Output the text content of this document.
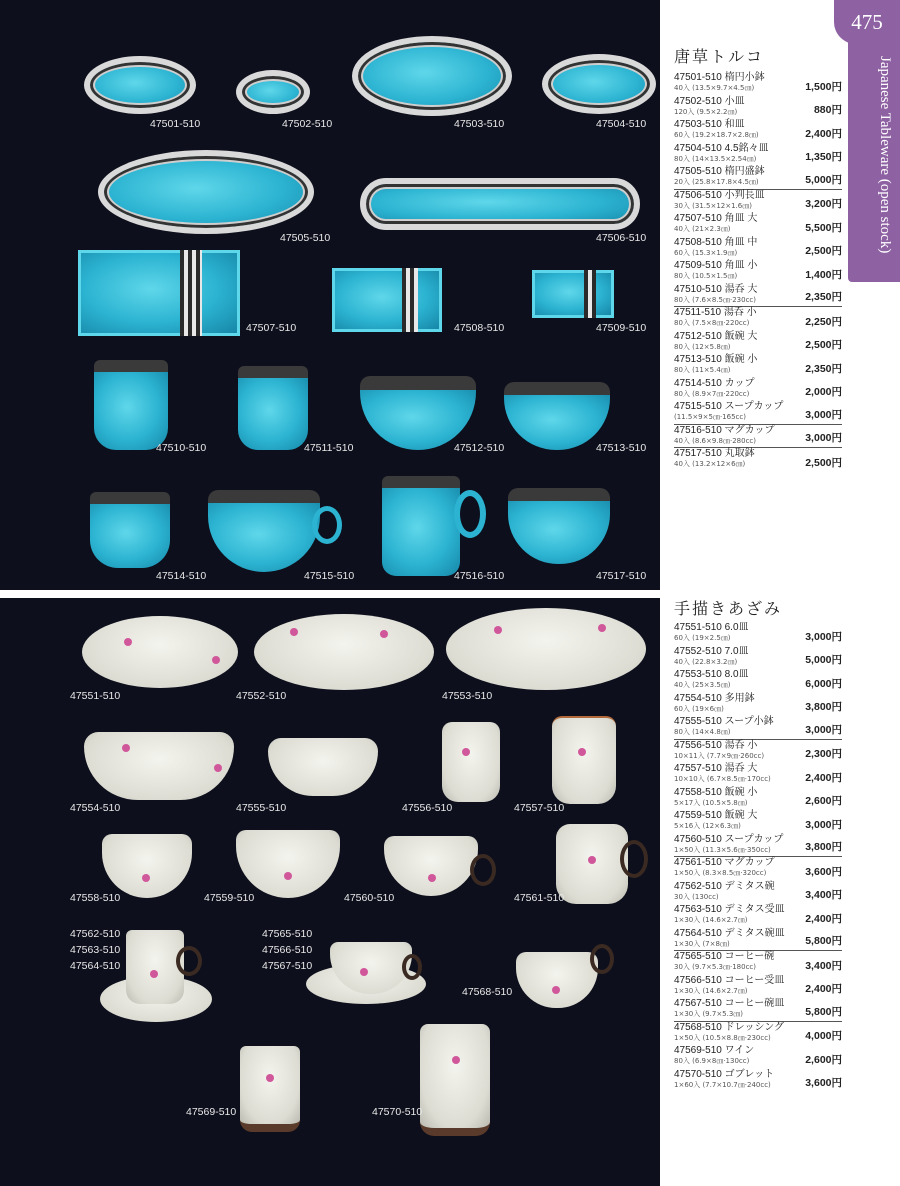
47501-510	47502-510	47503-510	47504-510
47505-510	47506-510
47507-510	47508-510	47509-510
47510-510	47511-510	47512-510	47513-510
47514-510	47515-510	47516-510	47517-510
47551-510	47552-510	47553-510
47554-510	47555-510	47556-510	47557-510
47558-510	47559-510	47560-510	47561-510
47562-510
47563-510
47564-510
47565-510
47566-510
47567-510
47568-510
47569-510	47570-510
Japanese Tableware (open stock)
475
唐草トルコ
47501-510 楕円小鉢
40入 (13.5×9.7×4.5㎝)	1,500円
47502-510 小皿
120入 (9.5×2.2㎝)	880円
47503-510 和皿
60入 (19.2×18.7×2.8㎝)	2,400円
47504-510 4.5銘々皿
80入 (14×13.5×2.54㎝)	1,350円
47505-510 楕円盛鉢
20入 (25.8×17.8×4.5㎝)	5,000円
47506-510 小判長皿
30入 (31.5×12×1.6㎝)	3,200円
47507-510 角皿 大
40入 (21×2.3㎝)	5,500円
47508-510 角皿 中
60入 (15.3×1.9㎝)	2,500円
47509-510 角皿 小
80入 (10.5×1.5㎝)	1,400円
47510-510 湯呑 大
80入 (7.6×8.5㎝·230cc)	2,350円
47511-510 湯呑 小
80入 (7.5×8㎝·220cc)	2,250円
47512-510 飯碗 大
80入 (12×5.8㎝)	2,500円
47513-510 飯碗 小
80入 (11×5.4㎝)	2,350円
47514-510 カップ
80入 (8.9×7㎝·220cc)	2,000円
47515-510 スープカップ
(11.5×9×5㎝·165cc)	3,000円
47516-510 マグカップ
40入 (8.6×9.8㎝·280cc)	3,000円
47517-510 丸取鉢
40入 (13.2×12×6㎝)	2,500円
手描きあざみ
47551-510 6.0皿
60入 (19×2.5㎝)	3,000円
47552-510 7.0皿
40入 (22.8×3.2㎝)	5,000円
47553-510 8.0皿
40入 (25×3.5㎝)	6,000円
47554-510 多用鉢
60入 (19×6㎝)	3,800円
47555-510 スープ小鉢
80入 (14×4.8㎝)	3,000円
47556-510 湯呑 小
10×11入 (7.7×9㎝·260cc)	2,300円
47557-510 湯呑 大
10×10入 (6.7×8.5㎝·170cc)	2,400円
47558-510 飯碗 小
5×17入 (10.5×5.8㎝)	2,600円
47559-510 飯碗 大
5×16入 (12×6.3㎝)	3,000円
47560-510 スープカップ
1×50入 (11.3×5.6㎝·350cc)	3,800円
47561-510 マグカップ
1×50入 (8.3×8.5㎝·320cc)	3,600円
47562-510 デミタス碗
30入 (130cc)	3,400円
47563-510 デミタス受皿
1×30入 (14.6×2.7㎝)	2,400円
47564-510 デミタス碗皿
1×30入 (7×8㎝)	5,800円
47565-510 コーヒー碗
30入 (9.7×5.3㎝·180cc)	3,400円
47566-510 コーヒー受皿
1×30入 (14.6×2.7㎝)	2,400円
47567-510 コーヒー碗皿
1×30入 (9.7×5.3㎝)	5,800円
47568-510 ドレッシング
1×50入 (10.5×8.8㎝·230cc)	4,000円
47569-510 ワイン
80入 (6.9×8㎝·130cc)	2,600円
47570-510 ゴブレット
1×60入 (7.7×10.7㎝·240cc)	3,600円
